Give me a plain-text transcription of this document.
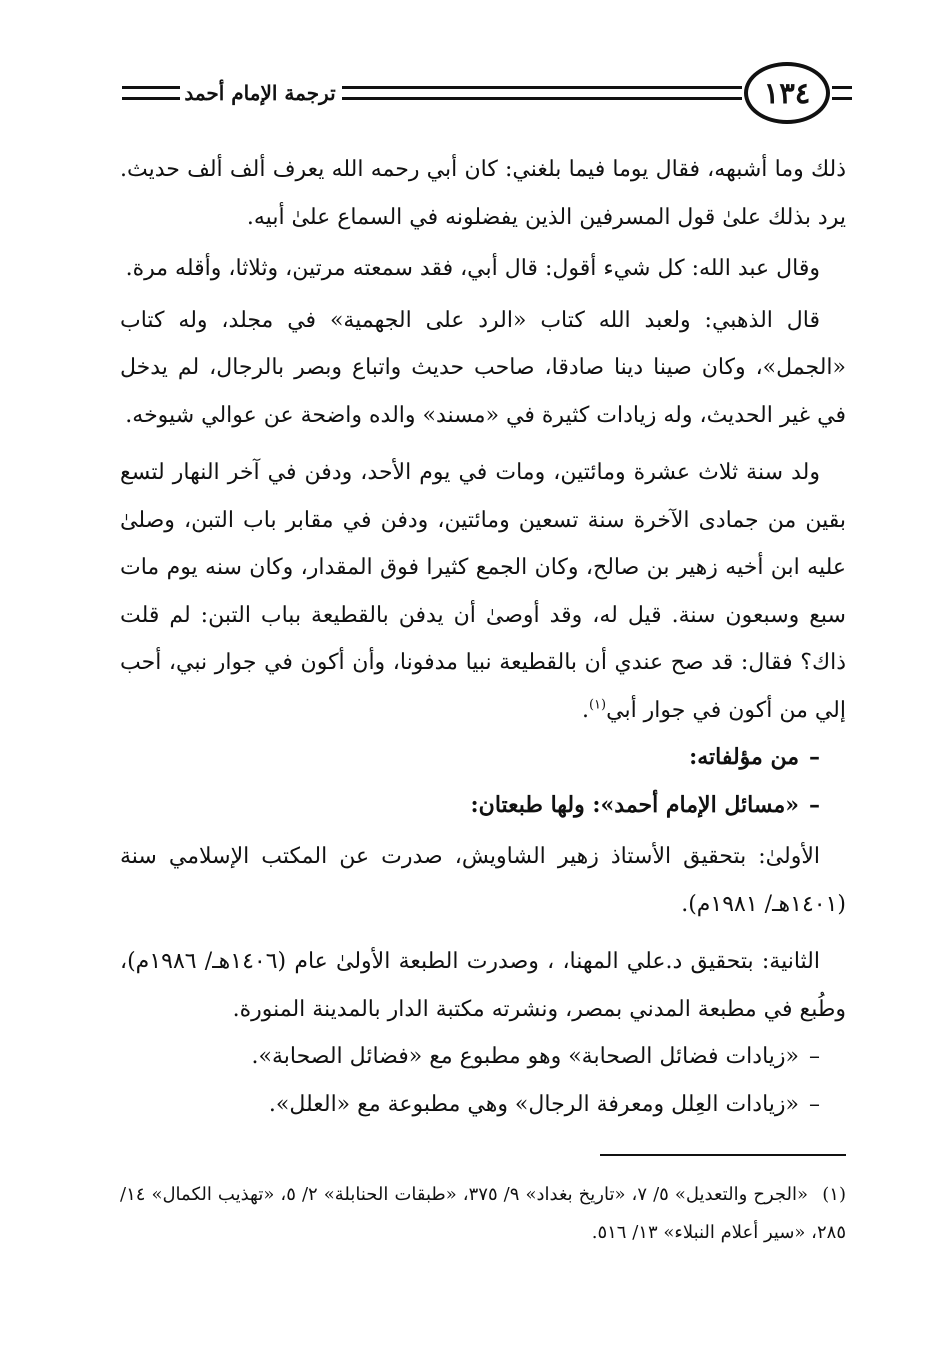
١٣٤
ترجمة الإمام أحمد

ذلك وما أشبهه، فقال يوما فيما بلغني: كان أبي رحمه الله يعرف ألف ألف حديث. يرد بذلك علىٰ قول المسرفين الذين يفضلونه في السماع علىٰ أبيه.

وقال عبد الله: كل شيء أقول: قال أبي، فقد سمعته مرتين، وثلاثا، وأقله مرة.

قال الذهبي: ولعبد الله كتاب «الرد على الجهمية» في مجلد، وله كتاب «الجمل»، وكان صينا دينا صادقا، صاحب حديث واتباع وبصر بالرجال، لم يدخل في غير الحديث، وله زيادات كثيرة في «مسند» والده واضحة عن عوالي شيوخه.

ولد سنة ثلاث عشرة ومائتين، ومات في يوم الأحد، ودفن في آخر النهار لتسع بقين من جمادى الآخرة سنة تسعين ومائتين، ودفن في مقابر باب التبن، وصلىٰ عليه ابن أخيه زهير بن صالح، وكان الجمع كثيرا فوق المقدار، وكان سنه يوم مات سبع وسبعون سنة. قيل له، وقد أوصىٰ أن يدفن بالقطيعة بباب التبن: لم قلت ذاك؟ فقال: قد صح عندي أن بالقطيعة نبيا مدفونا، وأن أكون في جوار نبي، أحب إلي من أكون في جوار أبي$^{(١)}$.

–من مؤلفاته:

–«مسائل الإمام أحمد»: ولها طبعتان:

الأولىٰ: بتحقيق الأستاذ زهير الشاويش، صدرت عن المكتب الإسلامي سنة (١٤٠١هـ/ ١٩٨١م).

الثانية: بتحقيق د.علي المهنا، ، وصدرت الطبعة الأولىٰ عام (١٤٠٦هـ/ ١٩٨٦م)، وطُبع في مطبعة المدني بمصر، ونشرته مكتبة الدار بالمدينة المنورة.

–«زيادات فضائل الصحابة» وهو مطبوع مع «فضائل الصحابة».

–«زيادات العِلل ومعرفة الرجال» وهي مطبوعة مع «العلل».

(١)«الجرح والتعديل» ٥/ ٧، «تاريخ بغداد» ٩/ ٣٧٥، «طبقات الحنابلة» ٢/ ٥، «تهذيب الكمال» ١٤/ ٢٨٥، «سير أعلام النبلاء» ١٣/ ٥١٦.
